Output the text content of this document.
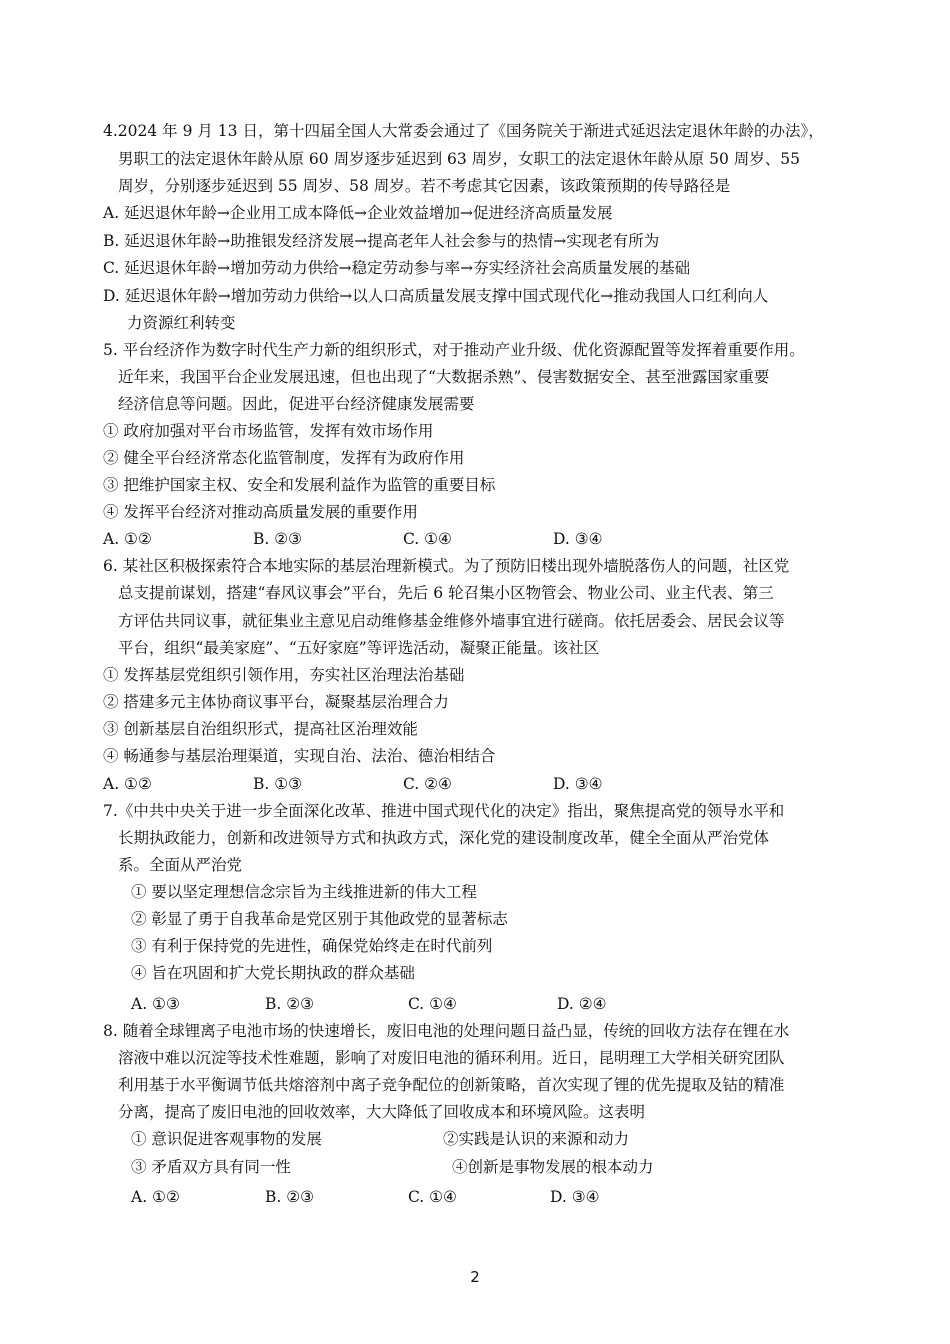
4.2024 年 9 月 13 日，第十四届全国人大常委会通过了《国务院关于渐进式延迟法定退休年龄的办法》，
男职工的法定退休年龄从原 60 周岁逐步延迟到 63 周岁，女职工的法定退休年龄从原 50 周岁、55
周岁，分别逐步延迟到 55 周岁、58 周岁。若不考虑其它因素，该政策预期的传导路径是
A. 延迟退休年龄→企业用工成本降低→企业效益增加→促进经济高质量发展
B. 延迟退休年龄→助推银发经济发展→提高老年人社会参与的热情→实现老有所为
C. 延迟退休年龄→增加劳动力供给→稳定劳动参与率→夯实经济社会高质量发展的基础
D. 延迟退休年龄→增加劳动力供给→以人口高质量发展支撑中国式现代化→推动我国人口红利向人
力资源红利转变
5. 平台经济作为数字时代生产力新的组织形式，对于推动产业升级、优化资源配置等发挥着重要作用。
近年来，我国平台企业发展迅速，但也出现了“大数据杀熟”、侵害数据安全、甚至泄露国家重要
经济信息等问题。因此，促进平台经济健康发展需要
① 政府加强对平台市场监管，发挥有效市场作用
② 健全平台经济常态化监管制度，发挥有为政府作用
③ 把维护国家主权、安全和发展利益作为监管的重要目标
④ 发挥平台经济对推动高质量发展的重要作用
A. ①②	B. ②③	C. ①④	D. ③④
6. 某社区积极探索符合本地实际的基层治理新模式。为了预防旧楼出现外墙脱落伤人的问题，社区党
总支提前谋划，搭建“春风议事会”平台，先后 6 轮召集小区物管会、物业公司、业主代表、第三
方评估共同议事，就征集业主意见启动维修基金维修外墙事宜进行磋商。依托居委会、居民会议等
平台，组织“最美家庭”、“五好家庭”等评选活动，凝聚正能量。该社区
① 发挥基层党组织引领作用，夯实社区治理法治基础
② 搭建多元主体协商议事平台，凝聚基层治理合力
③ 创新基层自治组织形式，提高社区治理效能
④ 畅通参与基层治理渠道，实现自治、法治、德治相结合
A. ①②	B. ①③	C. ②④	D. ③④
7.《中共中央关于进一步全面深化改革、推进中国式现代化的决定》指出，聚焦提高党的领导水平和
长期执政能力，创新和改进领导方式和执政方式，深化党的建设制度改革，健全全面从严治党体
系。全面从严治党
① 要以坚定理想信念宗旨为主线推进新的伟大工程
② 彰显了勇于自我革命是党区别于其他政党的显著标志
③ 有利于保持党的先进性，确保党始终走在时代前列
④ 旨在巩固和扩大党长期执政的群众基础
A. ①③	B. ②③	C. ①④	D. ②④
8. 随着全球锂离子电池市场的快速增长，废旧电池的处理问题日益凸显，传统的回收方法存在锂在水
溶液中难以沉淀等技术性难题，影响了对废旧电池的循环利用。近日，昆明理工大学相关研究团队
利用基于水平衡调节低共熔溶剂中离子竞争配位的创新策略，首次实现了锂的优先提取及钴的精准
分离，提高了废旧电池的回收效率，大大降低了回收成本和环境风险。这表明
① 意识促进客观事物的发展	②实践是认识的来源和动力
③ 矛盾双方具有同一性	④创新是事物发展的根本动力
A. ①②	B. ②③	C. ①④	D. ③④
2
